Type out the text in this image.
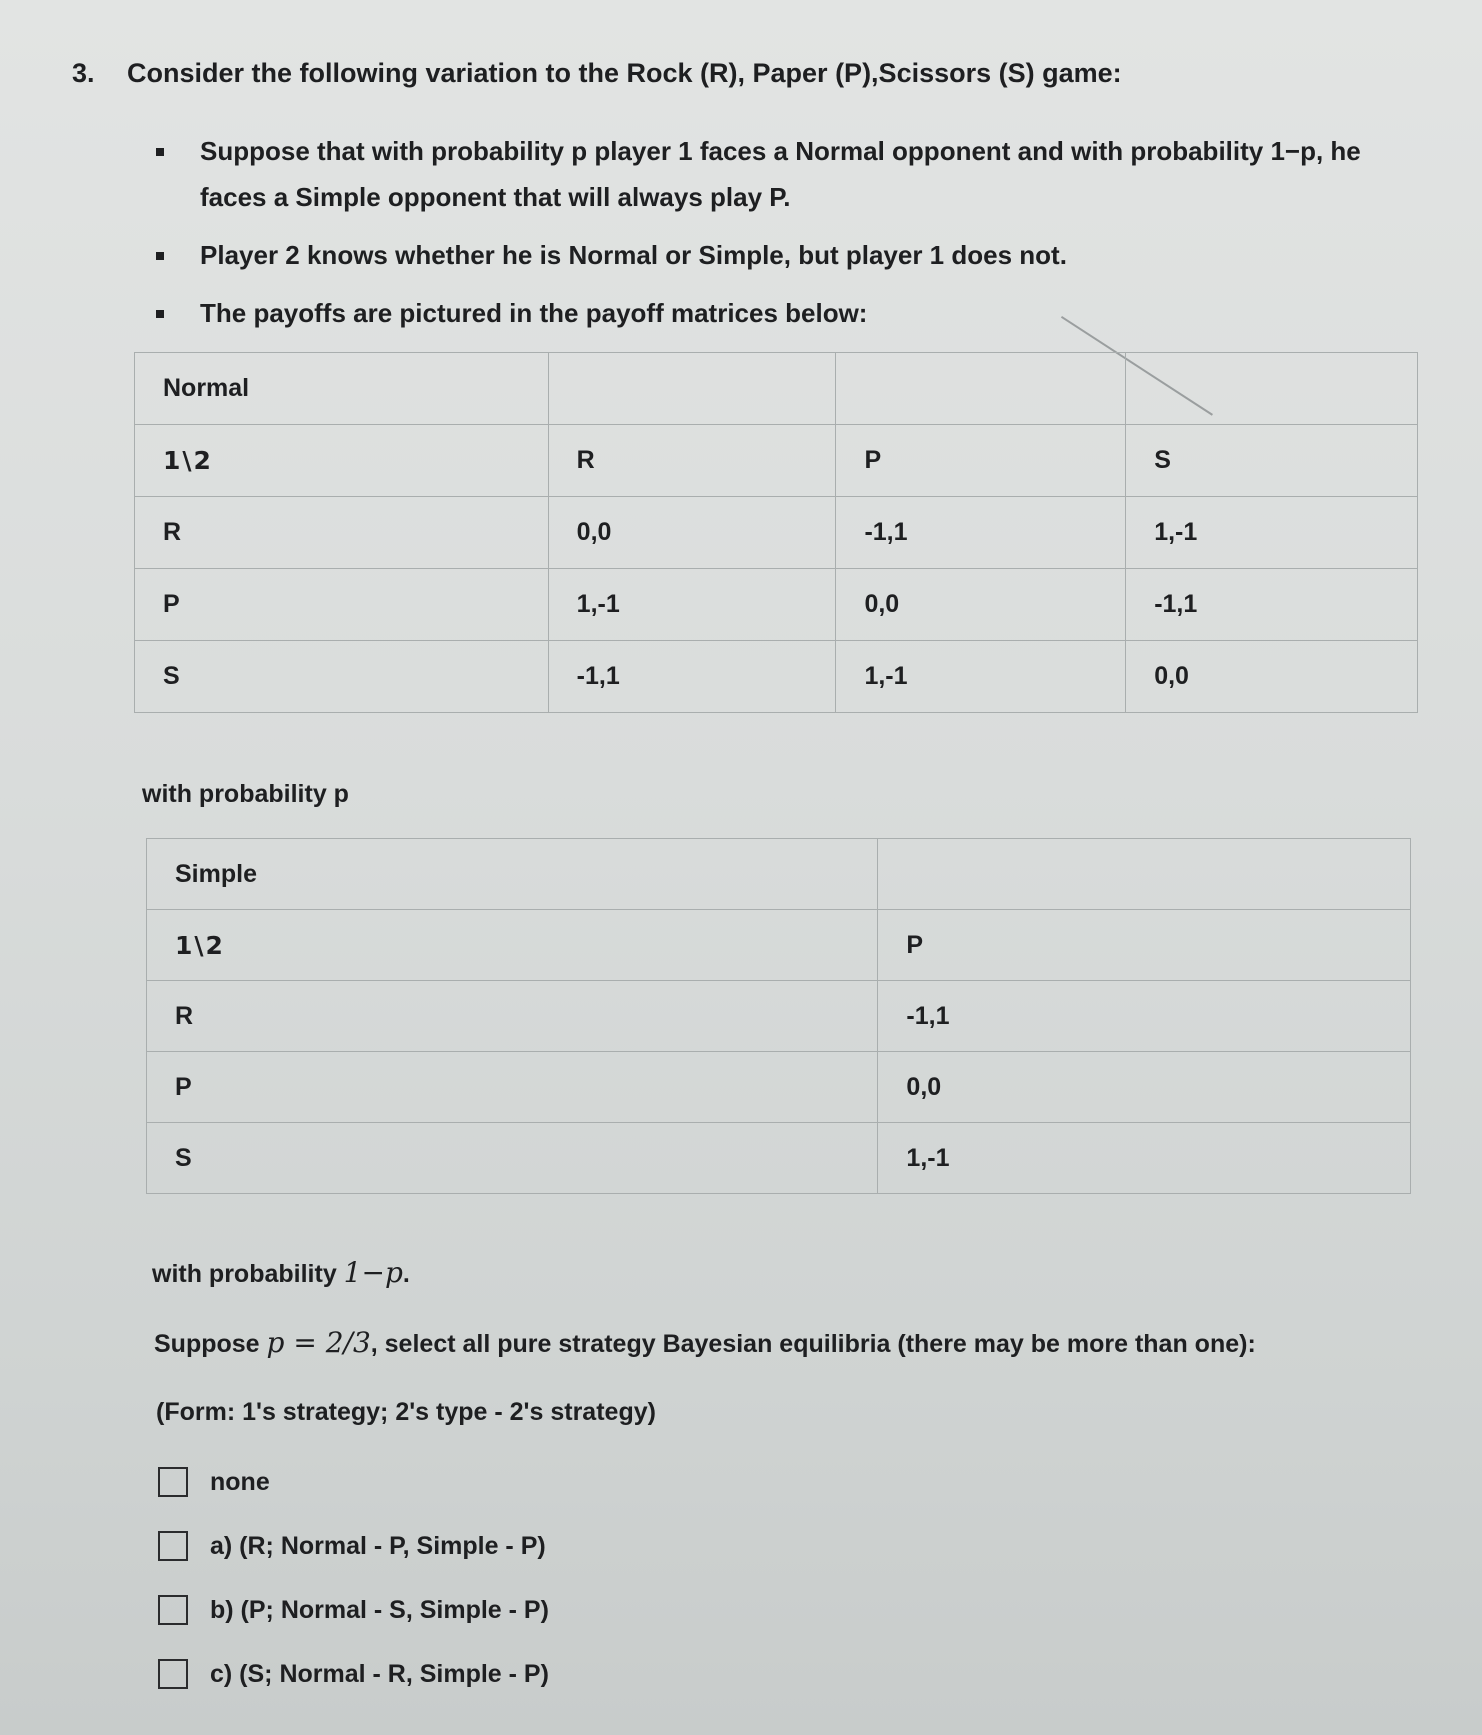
3. Consider the following variation to the Rock (R), Paper (P),Scissors (S) game:
Suppose that with probability p player 1 faces a Normal opponent and with probability 1−p, he faces a Simple opponent that will always play P.
Player 2 knows whether he is Normal or Simple, but player 1 does not.
The payoffs are pictured in the payoff matrices below:
Normal			
1\2	R	P	S
R	0,0	-1,1	1,-1
P	1,-1	0,0	-1,1
S	-1,1	1,-1	0,0
with probability p
Simple	
1\2	P
R	-1,1
P	0,0
S	1,-1
with probability 1−p.
Suppose p = 2/3, select all pure strategy Bayesian equilibria (there may be more than one):
(Form: 1's strategy; 2's type - 2's strategy)
none
a) (R; Normal - P, Simple - P)
b) (P; Normal - S, Simple - P)
c) (S; Normal - R, Simple - P)
